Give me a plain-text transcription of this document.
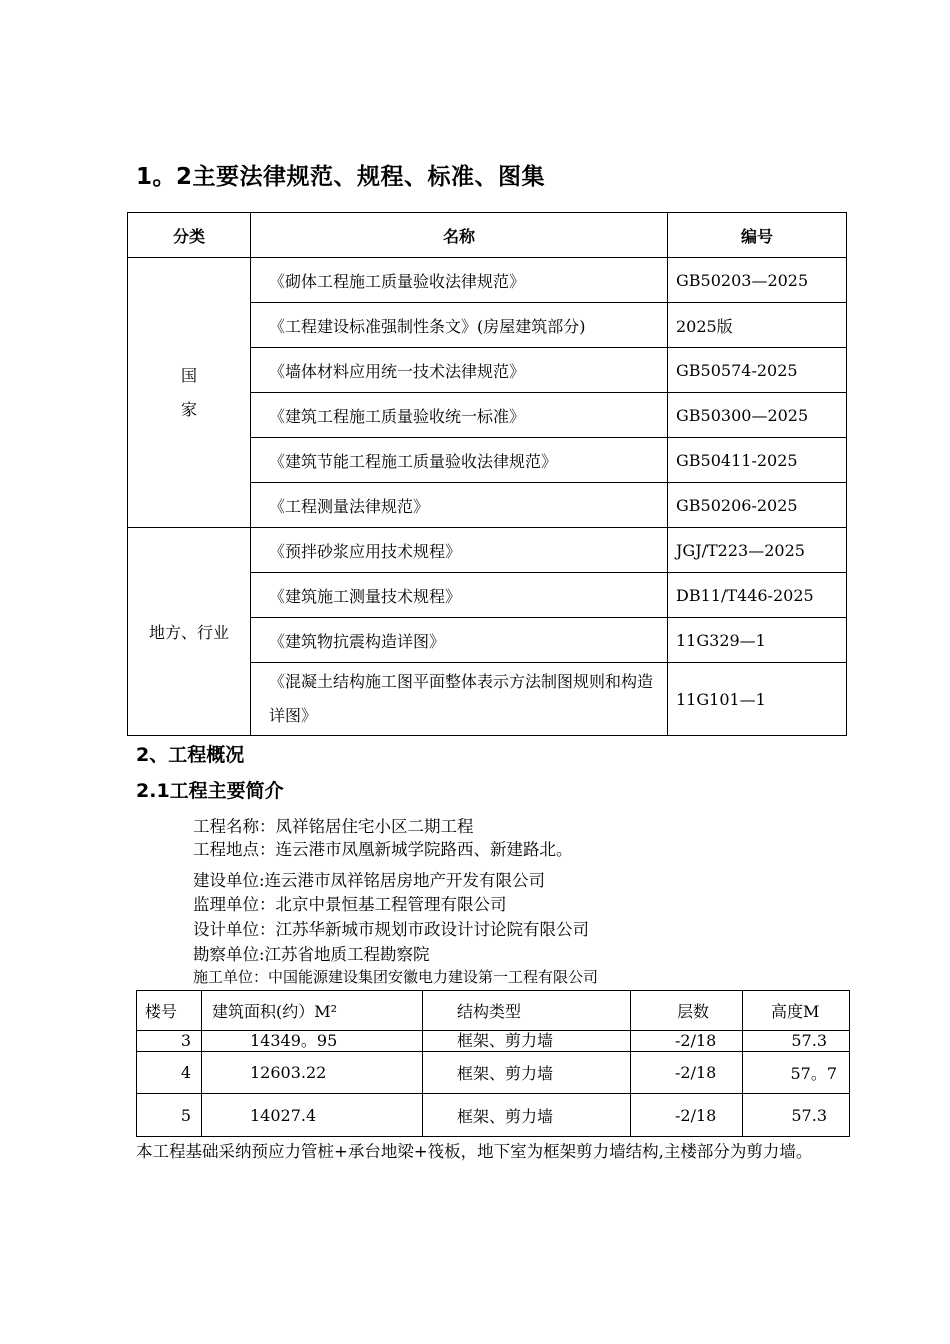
1。2主要法律规范、规程、标准、图集
分类	名称	编号

国
家	《砌体工程施工质量验收法律规范》	GB50203—2025
	《工程建设标准强制性条文》(房屋建筑部分)	2025版
	《墙体材料应用统一技术法律规范》	GB50574-2025
	《建筑工程施工质量验收统一标准》	GB50300—2025
	《建筑节能工程施工质量验收法律规范》	GB50411-2025
	《工程测量法律规范》	GB50206-2025
地方、行业	《预拌砂浆应用技术规程》	JGJ/T223—2025
	《建筑施工测量技术规程》	DB11/T446-2025
	《建筑物抗震构造详图》	11G329—1
	《混凝土结构施工图平面整体表示方法制图规则和构造详图》	11G101—1
2、工程概况
2.1工程主要简介
工程名称：凤祥铭居住宅小区二期工程
工程地点：连云港市凤凰新城学院路西、新建路北。
建设单位:连云港市凤祥铭居房地产开发有限公司
监理单位：北京中景恒基工程管理有限公司
设计单位：江苏华新城市规划市政设计讨论院有限公司
勘察单位:江苏省地质工程勘察院
施工单位：中国能源建设集团安徽电力建设第一工程有限公司
楼号	建筑面积(约）M²	结构类型	层数	高度M
3	14349。95	框架、剪力墙	-2/18	57.3
4	12603.22	框架、剪力墙	-2/18	57。7
5	14027.4	框架、剪力墙	-2/18	57.3
本工程基础采纳预应力管桩+承台地梁+筏板，地下室为框架剪力墙结构,主楼部分为剪力墙。
